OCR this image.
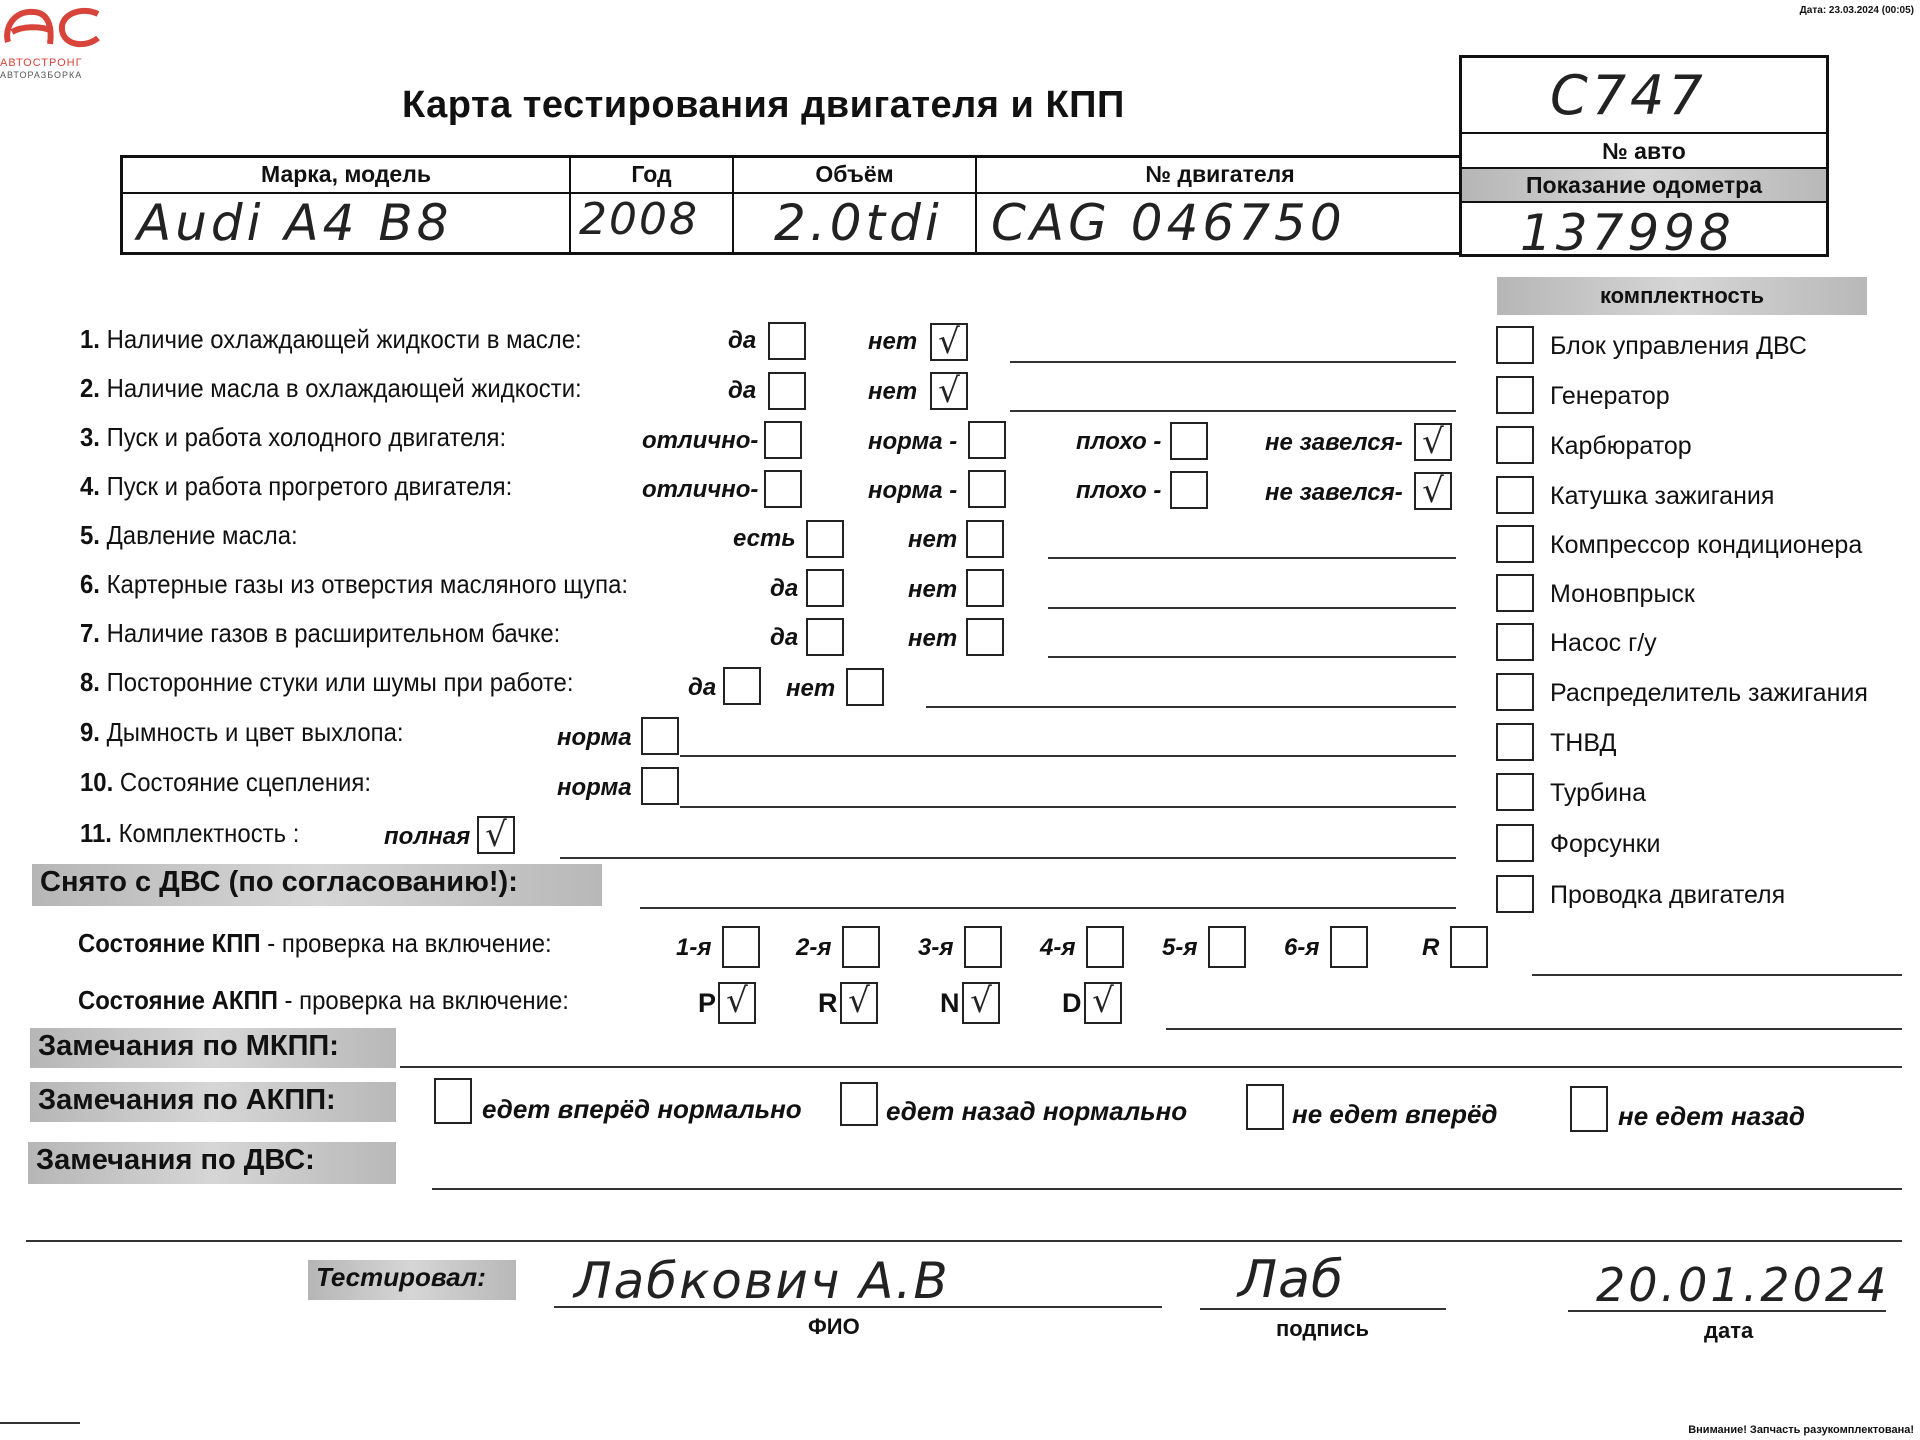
АВТОСТРОНГ
АВТОРАЗБОРКА
Дата: 23.03.2024 (00:05)
Карта тестирования двигателя и КПП	C747
№ авто
Показание одометра
137998
Марка, модель
Audi A4 B8
Год
2008
Объём
2.0tdi
№ двигателя
CAG 046750
1. Наличие охлаждающей жидкости в масле:	да	нет √
2. Наличие масла в охлаждающей жидкости:	да	нет √
3. Пуск и работа холодного двигателя:	отлично-	норма -	плохо -	не завелся- √
4. Пуск и работа прогретого двигателя:	отлично-	норма -	плохо -	не завелся- √
5. Давление масла:	есть	нет
6. Картерные газы из отверстия масляного щупа:	да	нет
7. Наличие газов в расширительном бачке:	да	нет
8. Посторонние стуки или шумы при работе:	да	нет
9. Дымность и цвет выхлопа:	норма
10. Состояние сцепления:	норма
11. Комплектность :	полная √
Снято с ДВС (по согласованию!):
комплектность
Блок управления ДВС
Генератор
Карбюратор
Катушка зажигания
Компрессор кондиционера
Моновпрыск
Насос г/у
Распределитель зажигания
ТНВД
Турбина
Форсунки
Проводка двигателя
Состояние КПП - проверка на включение:	1-я	2-я	3-я	4-я	5-я	6-я	R
Состояние АКПП - проверка на включение:	P √	R √	N √	D √
Замечания по МКПП:
Замечания по АКПП:	едет вперёд нормально	едет назад нормально	не едет вперёд	не едет назад
Замечания по ДВС:
Тестировал:	Лабкович А.В
ФИО
Лаб
подпись
20.01.2024
дата
Внимание! Запчасть разукомплектована!
